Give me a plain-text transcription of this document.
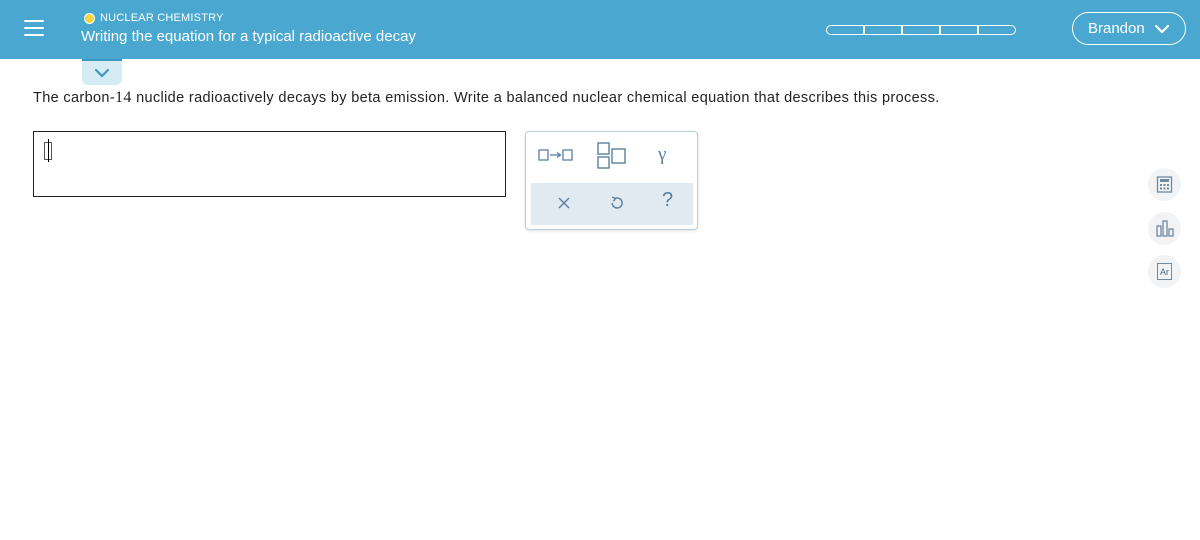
NUCLEAR CHEMISTRY
Writing the equation for a typical radioactive decay	Brandon
The carbon-14 nuclide radioactively decays by beta emission. Write a balanced nuclear chemical equation that describes this process.
γ
?
Ar
